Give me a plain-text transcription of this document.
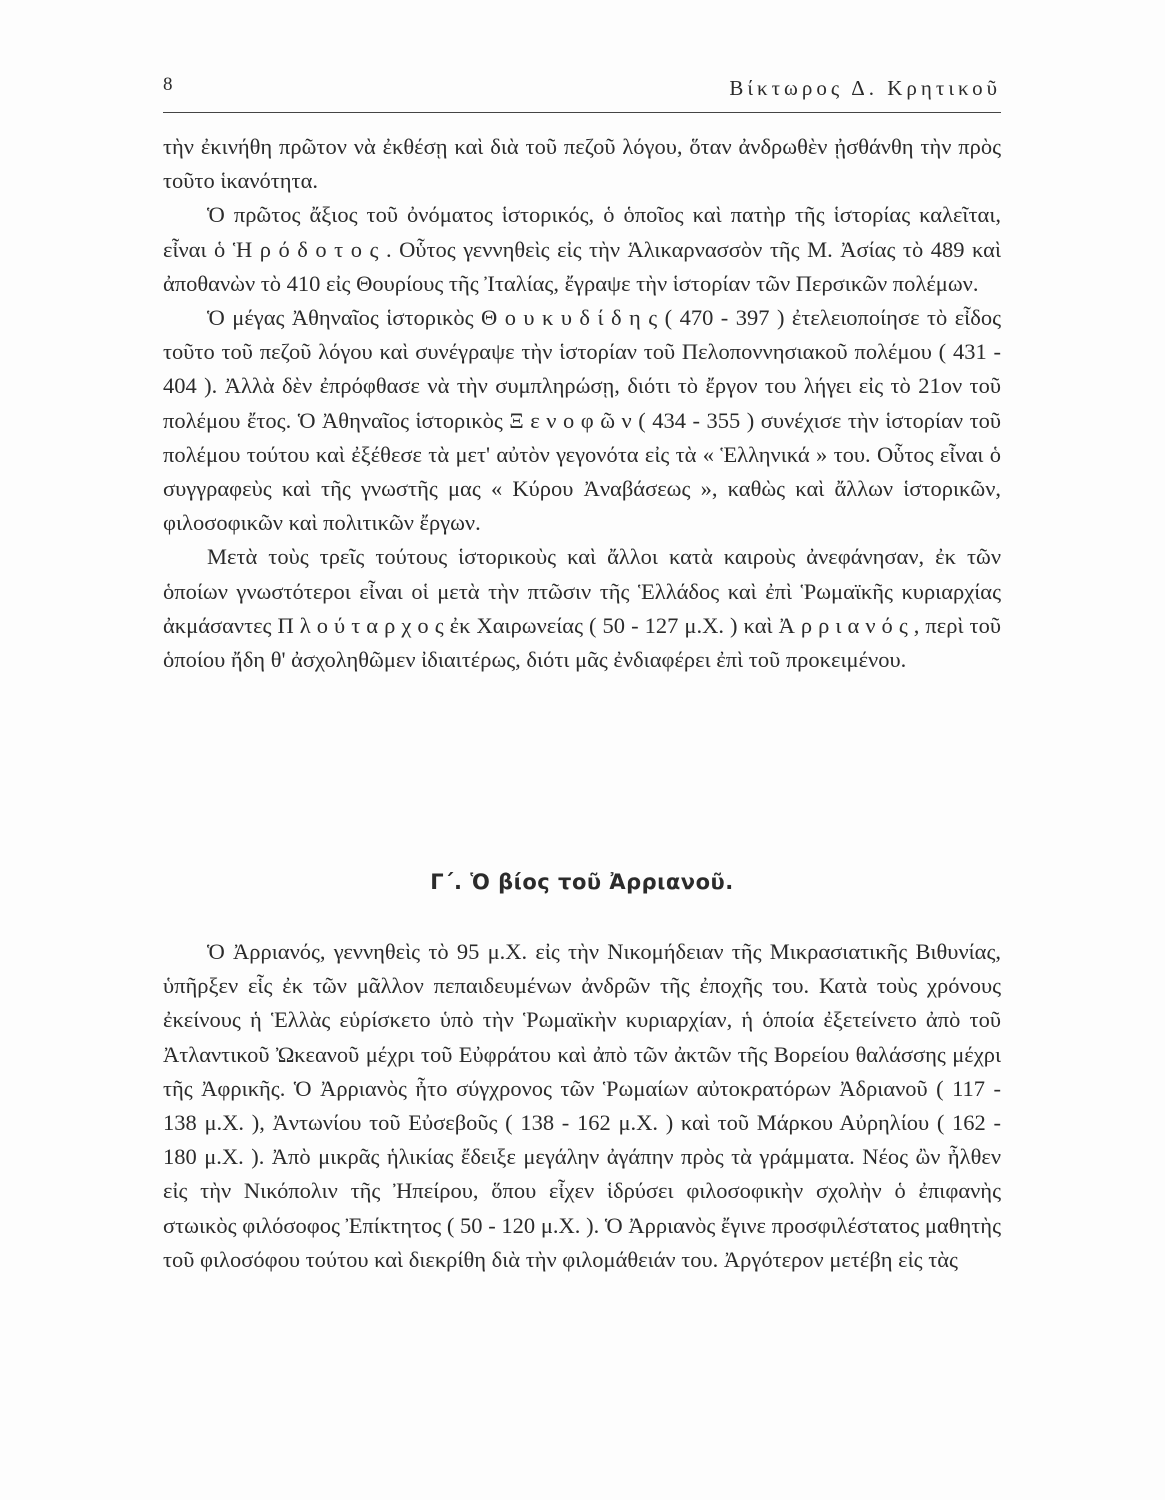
8	Βίκτωρος Δ. Κρητικοῦ

τὴν ἐκινήθη πρῶτον νὰ ἐκθέσῃ καὶ διὰ τοῦ πεζοῦ λόγου, ὅταν ἀνδρωθὲν ᾐσθάνθη τὴν πρὸς τοῦτο ἱκανότητα.

Ὁ πρῶτος ἄξιος τοῦ ὀνόματος ἱστορικός, ὁ ὁποῖος καὶ πατὴρ τῆς ἱστορίας καλεῖται, εἶναι ὁ Ἡ ρ ό δ ο τ ο ς . Οὗτος γεννηθεὶς εἰς τὴν Ἁλικαρνασσὸν τῆς Μ. Ἀσίας τὸ 489 καὶ ἀποθανὼν τὸ 410 εἰς Θουρίους τῆς Ἰταλίας, ἔγραψε τὴν ἱστορίαν τῶν Περσικῶν πολέμων.

Ὁ μέγας Ἀθηναῖος ἱστορικὸς Θ ο υ κ υ δ ί δ η ς ( 470 - 397 ) ἐτελειοποίησε τὸ εἶδος τοῦτο τοῦ πεζοῦ λόγου καὶ συνέγραψε τὴν ἱστορίαν τοῦ Πελοποννησιακοῦ πολέμου ( 431 - 404 ). Ἀλλὰ δὲν ἐπρόφθασε νὰ τὴν συμπληρώσῃ, διότι τὸ ἔργον του λήγει εἰς τὸ 21ον τοῦ πολέμου ἔτος. Ὁ Ἀθηναῖος ἱστορικὸς Ξ ε ν ο φ ῶ ν ( 434 - 355 ) συνέχισε τὴν ἱστορίαν τοῦ πολέμου τούτου καὶ ἐξέθεσε τὰ μετ' αὐτὸν γεγονότα εἰς τὰ « Ἑλληνικά » του. Οὗτος εἶναι ὁ συγγραφεὺς καὶ τῆς γνωστῆς μας « Κύρου Ἀναβάσεως », καθὼς καὶ ἄλλων ἱστορικῶν, φιλοσοφικῶν καὶ πολιτικῶν ἔργων.

Μετὰ τοὺς τρεῖς τούτους ἱστορικοὺς καὶ ἄλλοι κατὰ καιροὺς ἀνεφάνησαν, ἐκ τῶν ὁποίων γνωστότεροι εἶναι οἱ μετὰ τὴν πτῶσιν τῆς Ἑλλάδος καὶ ἐπὶ Ῥωμαϊκῆς κυριαρχίας ἀκμάσαντες Π λ ο ύ τ α ρ χ ο ς ἐκ Χαιρωνείας ( 50 - 127 μ.Χ. ) καὶ Ἀ ρ ρ ι α ν ό ς , περὶ τοῦ ὁποίου ἤδη θ' ἀσχοληθῶμεν ἰδιαιτέρως, διότι μᾶς ἐνδιαφέρει ἐπὶ τοῦ προκειμένου.

Γ΄. Ὁ βίος τοῦ Ἀρριανοῦ.

Ὁ Ἀρριανός, γεννηθεὶς τὸ 95 μ.Χ. εἰς τὴν Νικομήδειαν τῆς Μικρασιατικῆς Βιθυνίας, ὑπῆρξεν εἷς ἐκ τῶν μᾶλλον πεπαιδευμένων ἀνδρῶν τῆς ἐποχῆς του. Κατὰ τοὺς χρόνους ἐκείνους ἡ Ἑλλὰς εὑρίσκετο ὑπὸ τὴν Ῥωμαϊκὴν κυριαρχίαν, ἡ ὁποία ἐξετείνετο ἀπὸ τοῦ Ἀτλαντικοῦ Ὠκεανοῦ μέχρι τοῦ Εὐφράτου καὶ ἀπὸ τῶν ἀκτῶν τῆς Βορείου θαλάσσης μέχρι τῆς Ἀφρικῆς. Ὁ Ἀρριανὸς ἦτο σύγχρονος τῶν Ῥωμαίων αὐτοκρατόρων Ἀδριανοῦ ( 117 - 138 μ.Χ. ), Ἀντωνίου τοῦ Εὐσεβοῦς ( 138 - 162 μ.Χ. ) καὶ τοῦ Μάρκου Αὐρηλίου ( 162 - 180 μ.Χ. ). Ἀπὸ μικρᾶς ἡλικίας ἔδειξε μεγάλην ἀγάπην πρὸς τὰ γράμματα. Νέος ὢν ἦλθεν εἰς τὴν Νικόπολιν τῆς Ἠπείρου, ὅπου εἶχεν ἱδρύσει φιλοσοφικὴν σχολὴν ὁ ἐπιφανὴς στωικὸς φιλόσοφος Ἐπίκτητος ( 50 - 120 μ.Χ. ). Ὁ Ἀρριανὸς ἔγινε προσφιλέστατος μαθητὴς τοῦ φιλοσόφου τούτου καὶ διεκρίθη διὰ τὴν φιλομάθειάν του. Ἀργότερον μετέβη εἰς τὰς
